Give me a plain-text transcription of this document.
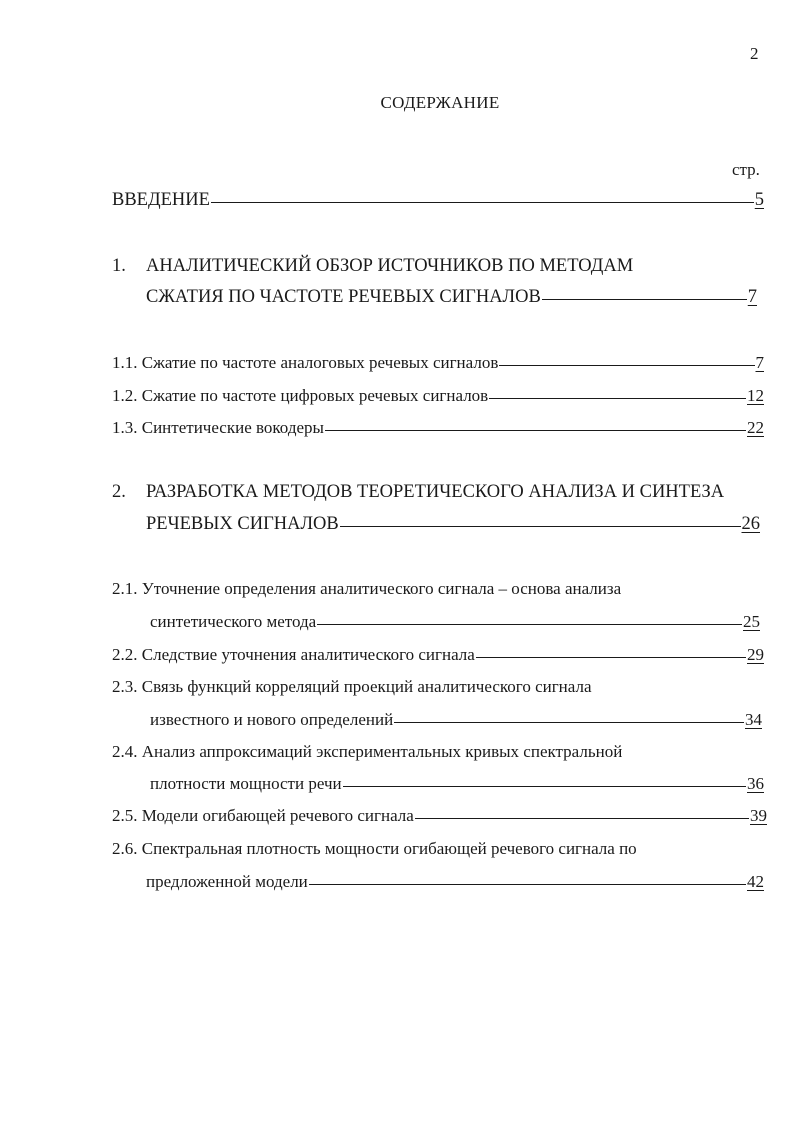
2
СОДЕРЖАНИЕ
стр.
ВВЕДЕНИЕ	5
1. АНАЛИТИЧЕСКИЙ ОБЗОР ИСТОЧНИКОВ ПО МЕТОДАМ
СЖАТИЯ ПО ЧАСТОТЕ РЕЧЕВЫХ СИГНАЛОВ	7
1.1. Сжатие по частоте аналоговых речевых сигналов	7
1.2. Сжатие по частоте цифровых речевых сигналов	12
1.3. Синтетические вокодеры	22
2. РАЗРАБОТКА МЕТОДОВ ТЕОРЕТИЧЕСКОГО АНАЛИЗА И СИНТЕЗА
РЕЧЕВЫХ СИГНАЛОВ	26
2.1. Уточнение определения аналитического сигнала – основа анализа
синтетического метода	25
2.2. Следствие уточнения аналитического сигнала	29
2.3. Связь функций корреляций проекций аналитического сигнала
известного и нового определений	34
2.4. Анализ аппроксимаций экспериментальных кривых спектральной
плотности мощности речи	36
2.5. Модели огибающей речевого сигнала	39
2.6. Спектральная плотность мощности огибающей речевого сигнала по
предложенной модели	42
